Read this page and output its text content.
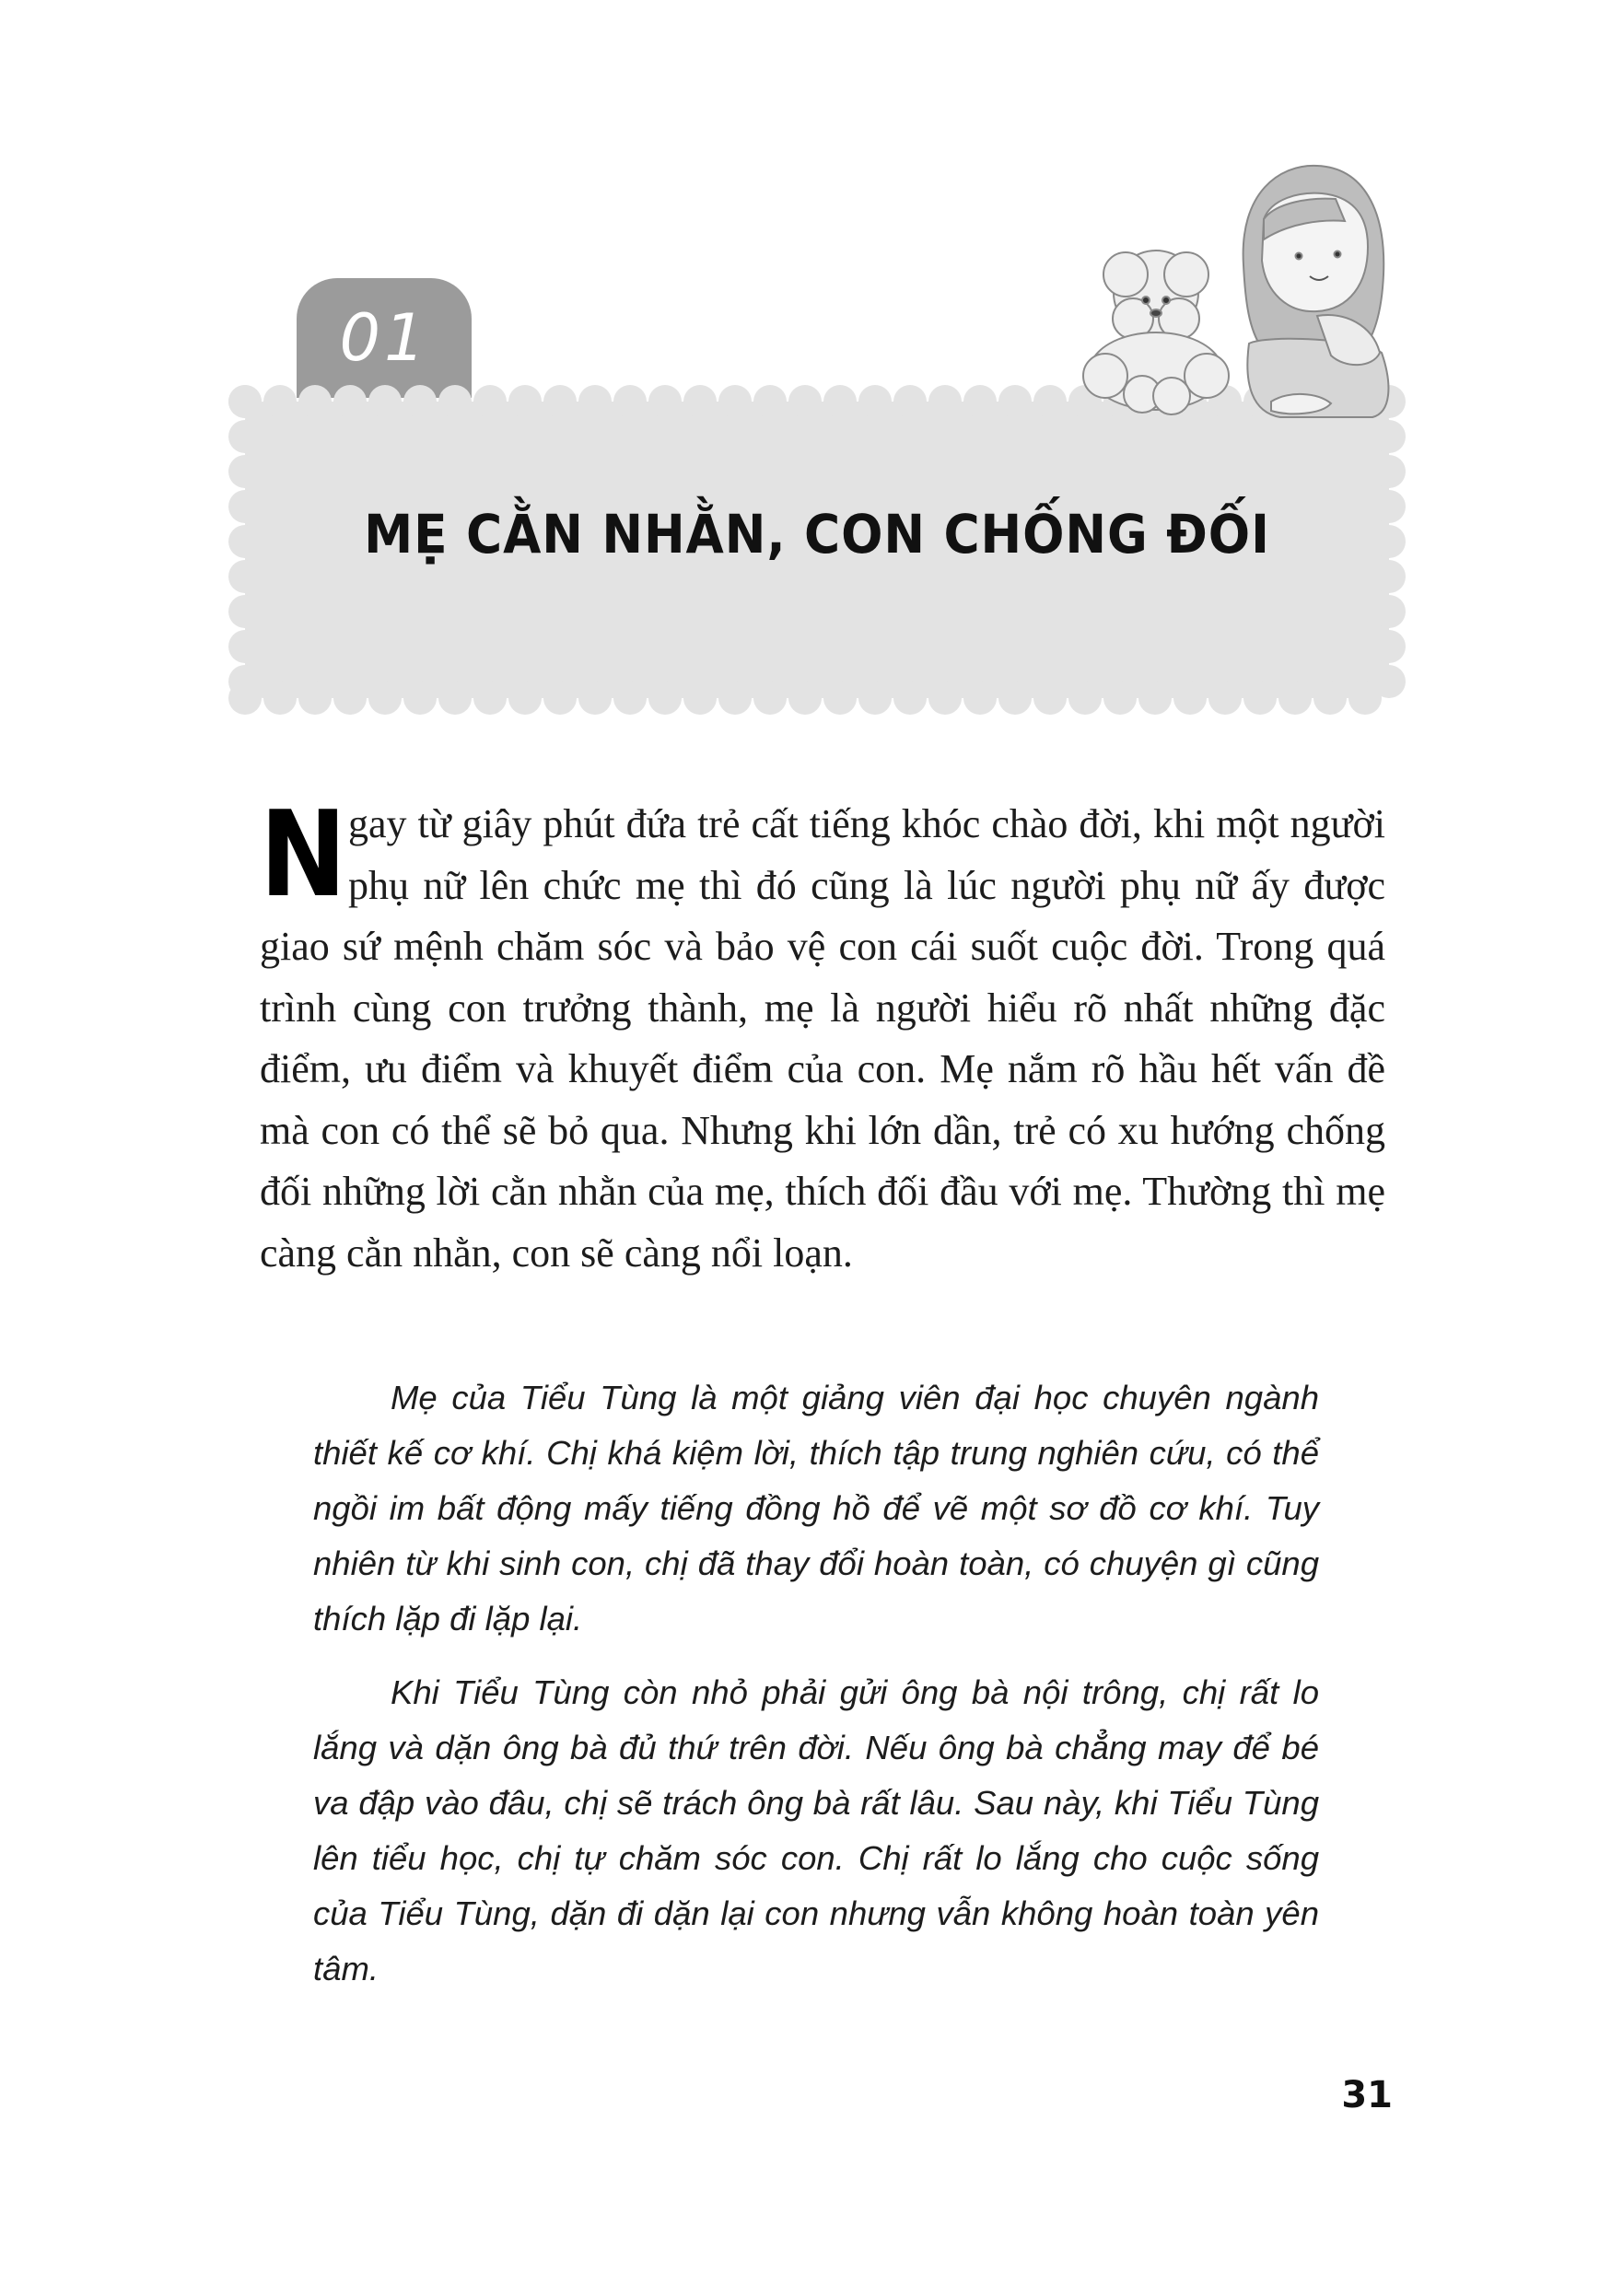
01
MẸ CẰN NHẰN, CON CHỐNG ĐỐI
N gay từ giây phút đứa trẻ cất tiếng khóc chào đời, khi một người phụ nữ lên chức mẹ thì đó cũng là lúc người phụ nữ ấy được giao sứ mệnh chăm sóc và bảo vệ con cái suốt cuộc đời. Trong quá trình cùng con trưởng thành, mẹ là người hiểu rõ nhất những đặc điểm, ưu điểm và khuyết điểm của con. Mẹ nắm rõ hầu hết vấn đề mà con có thể sẽ bỏ qua. Nhưng khi lớn dần, trẻ có xu hướng chống đối những lời cằn nhằn của mẹ, thích đối đầu với mẹ. Thường thì mẹ càng cằn nhằn, con sẽ càng nổi loạn.
Mẹ của Tiểu Tùng là một giảng viên đại học chuyên ngành thiết kế cơ khí. Chị khá kiệm lời, thích tập trung nghiên cứu, có thể ngồi im bất động mấy tiếng đồng hồ để vẽ một sơ đồ cơ khí. Tuy nhiên từ khi sinh con, chị đã thay đổi hoàn toàn, có chuyện gì cũng thích lặp đi lặp lại.
Khi Tiểu Tùng còn nhỏ phải gửi ông bà nội trông, chị rất lo lắng và dặn ông bà đủ thứ trên đời. Nếu ông bà chẳng may để bé va đập vào đâu, chị sẽ trách ông bà rất lâu. Sau này, khi Tiểu Tùng lên tiểu học, chị tự chăm sóc con. Chị rất lo lắng cho cuộc sống của Tiểu Tùng, dặn đi dặn lại con nhưng vẫn không hoàn toàn yên tâm.
31
